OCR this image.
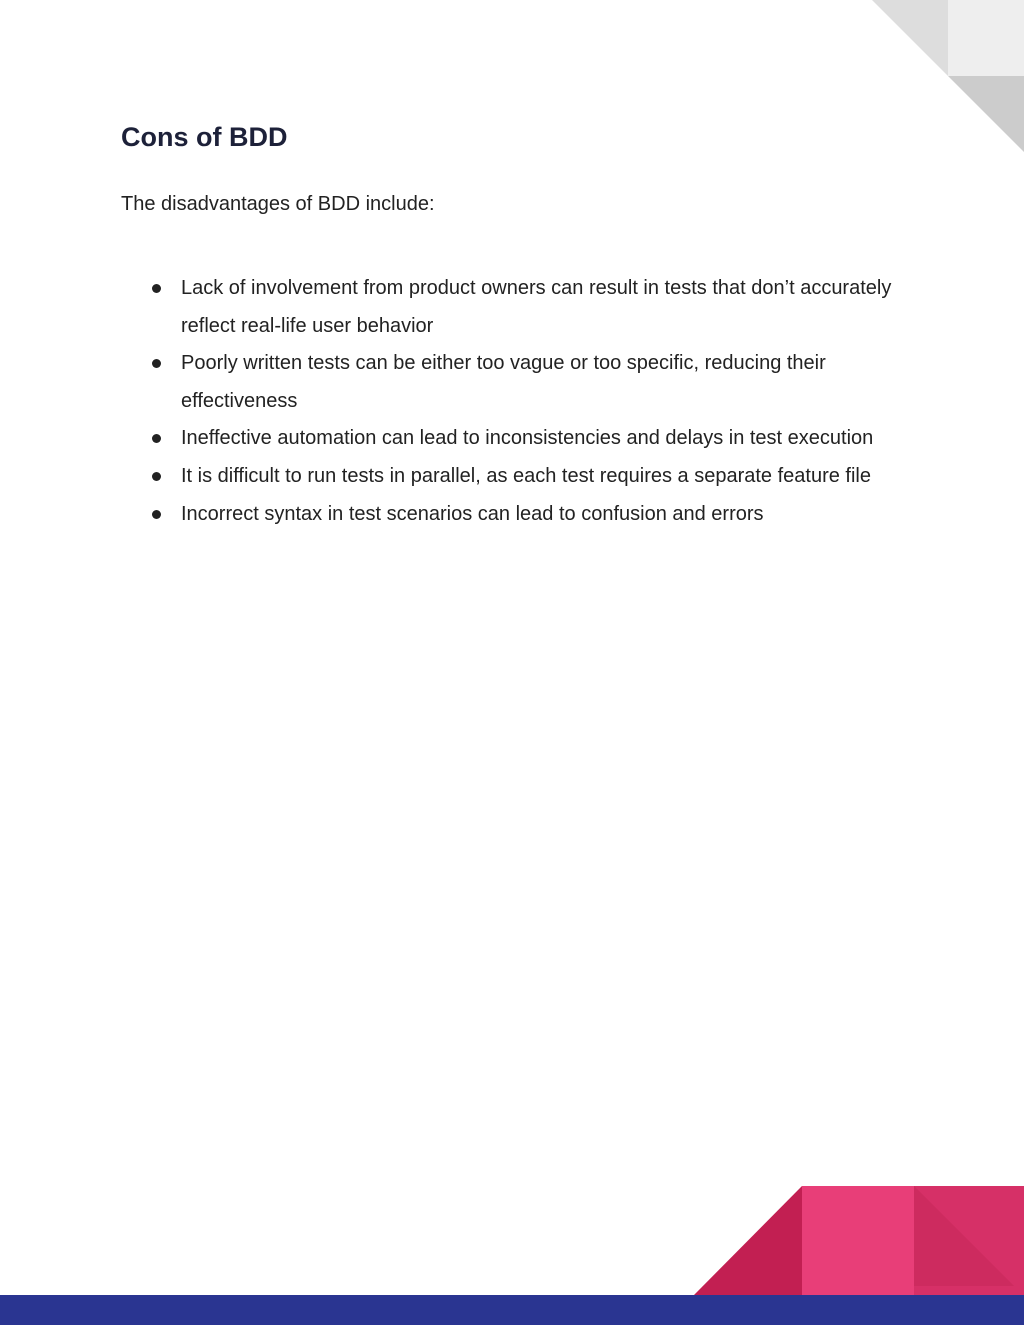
Cons of BDD

The disadvantages of BDD include:

Lack of involvement from product owners can result in tests that don’t accurately reflect real-life user behavior
Poorly written tests can be either too vague or too specific, reducing their effectiveness
Ineffective automation can lead to inconsistencies and delays in test execution
It is difficult to run tests in parallel, as each test requires a separate feature file
Incorrect syntax in test scenarios can lead to confusion and errors
